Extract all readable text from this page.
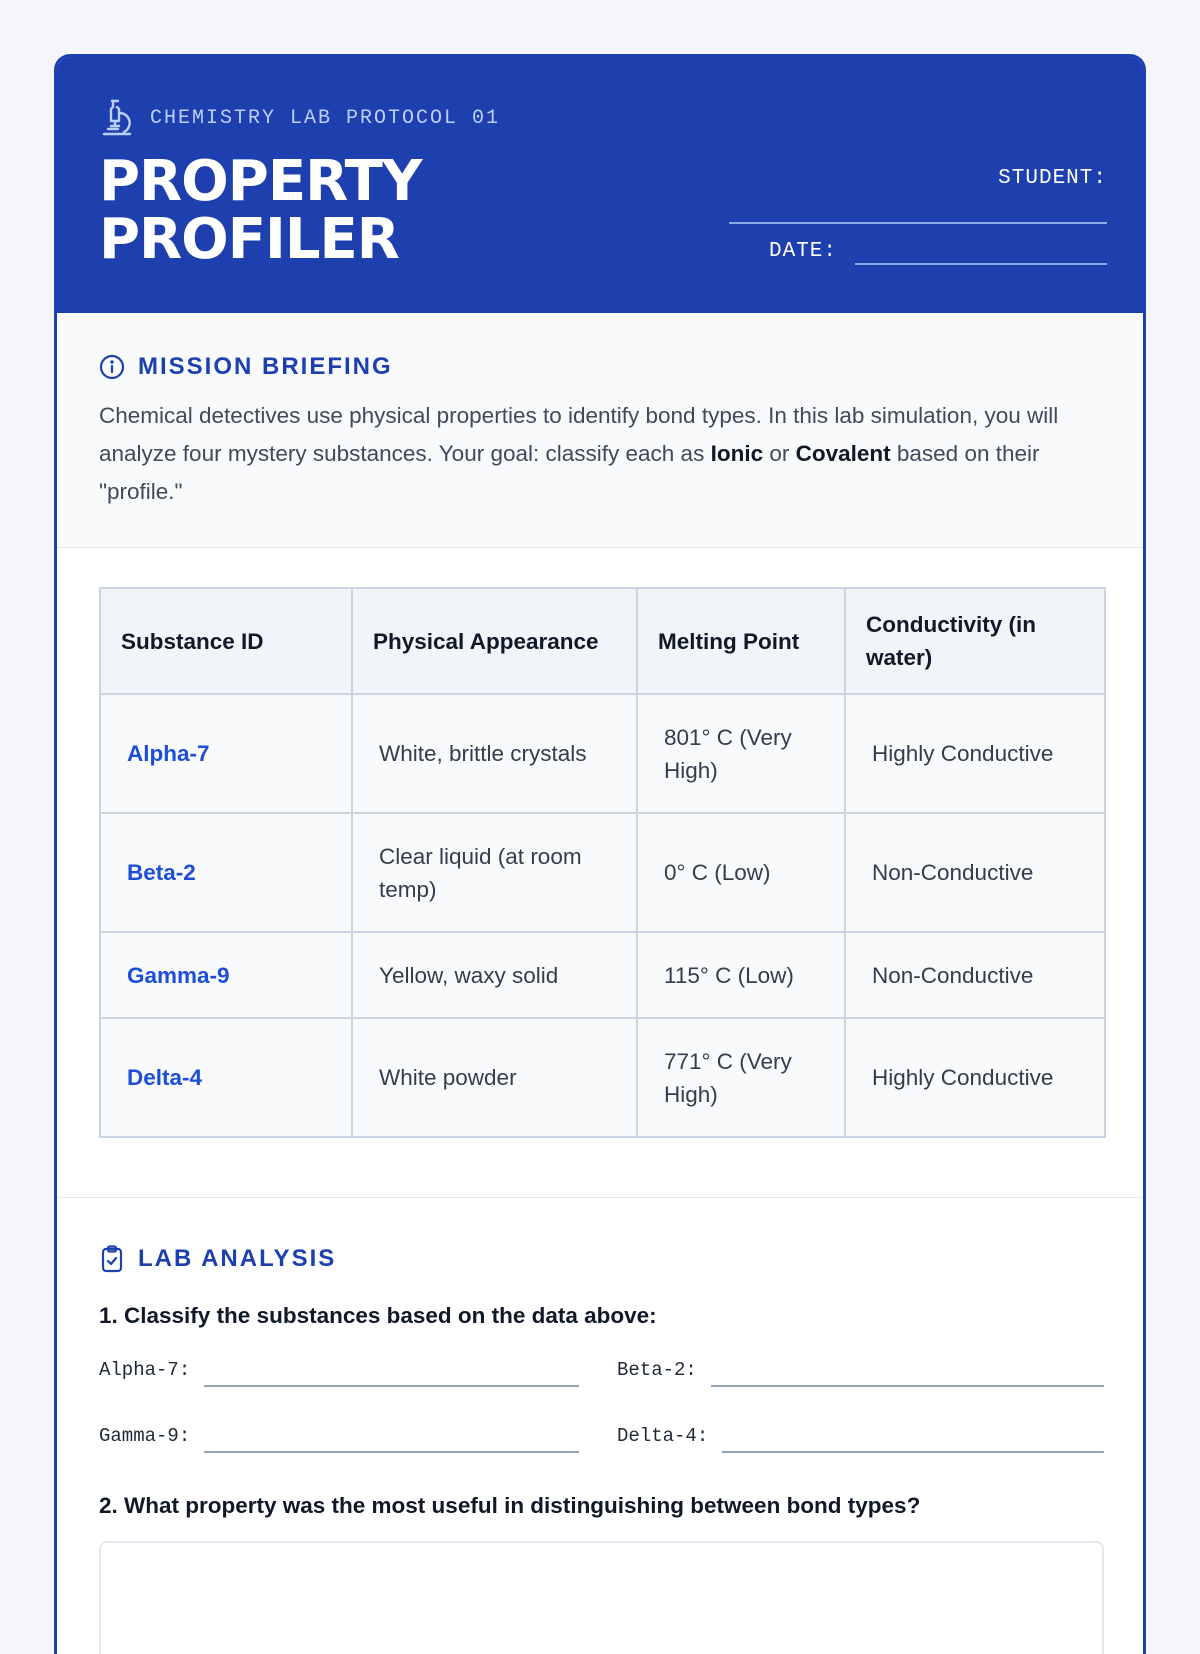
CHEMISTRY LAB PROTOCOL 01
PROPERTY
PROFILER
STUDENT:
DATE:
MISSION BRIEFING

Chemical detectives use physical properties to identify bond types. In this lab simulation, you will analyze four mystery substances. Your goal: classify each as Ionic or Covalent based on their "profile."

Substance ID	Physical Appearance	Melting Point	Conductivity (in water)
Alpha-7	White, brittle crystals	801° C (Very High)	Highly Conductive
Beta-2	Clear liquid (at room temp)	0° C (Low)	Non-Conductive
Gamma-9	Yellow, waxy solid	115° C (Low)	Non-Conductive
Delta-4	White powder	771° C (Very High)	Highly Conductive
LAB ANALYSIS

1. Classify the substances based on the data above:

Alpha-7:	Beta-2:
Gamma-9:	Delta-4:

2. What property was the most useful in distinguishing between bond types?
